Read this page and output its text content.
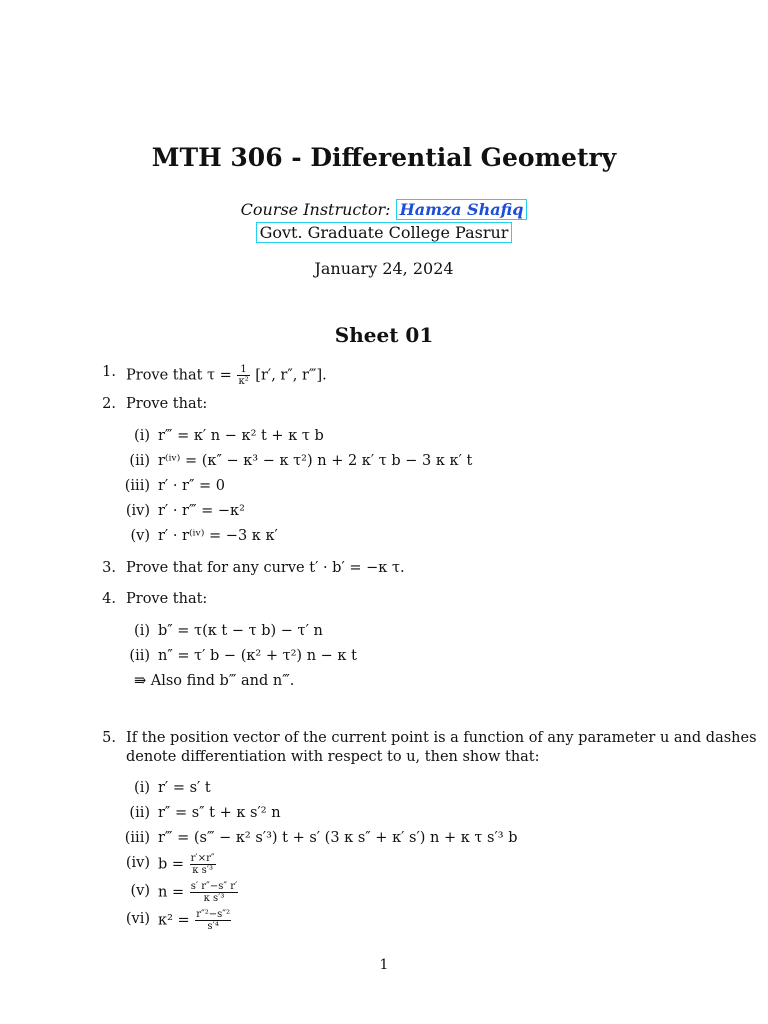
MTH 306 - Differential Geometry
Course Instructor: Hamza Shafiq
Govt. Graduate College Pasrur
January 24, 2024
Sheet 01
1. Prove that $\tau = \frac{1}{\text{κ²}} [r'$, r″, r‴].
2. Prove that:
(i) r‴ = κ′ n − κ² t + κ τ b
(ii) r⁽ⁱᵛ⁾ = (κ″ − κ³ − κ τ²) n + 2 κ′ τ b − 3 κ κ′ t
(iii) r′ · r″ = 0
(iv) r′ · r‴ = −κ²
(v) r′ · r⁽ⁱᵛ⁾ = −3 κ κ′
3. Prove that for any curve t′ · b′ = −κ τ.
4. Prove that:
(i) b″ = τ(κ t − τ b) − τ′ n
(ii) n″ = τ′ b − (κ² + τ²) n − κ t
⇛ Also find b‴ and n‴.
5. If the position vector of the current point is a function of any parameter u and dashes
denote differentiation with respect to u, then show that:
(i) r′ = s′ t
(ii) r″ = s″ t + κ s′² n
(iii) r‴ = (s‴ − κ² s′³) t + s′ (3 κ s″ + κ′ s′) n + κ τ s′³ b
(iv) $b = \frac{r'\times r''}{\text{κ s′³}}$
(v) $n = \frac{s' r''-s'' r'}{\text{κ s′³}}$
(vi) $\kappa^2 = \frac{\text{r″²−s″²}}{\text{s′⁴}}$
1
